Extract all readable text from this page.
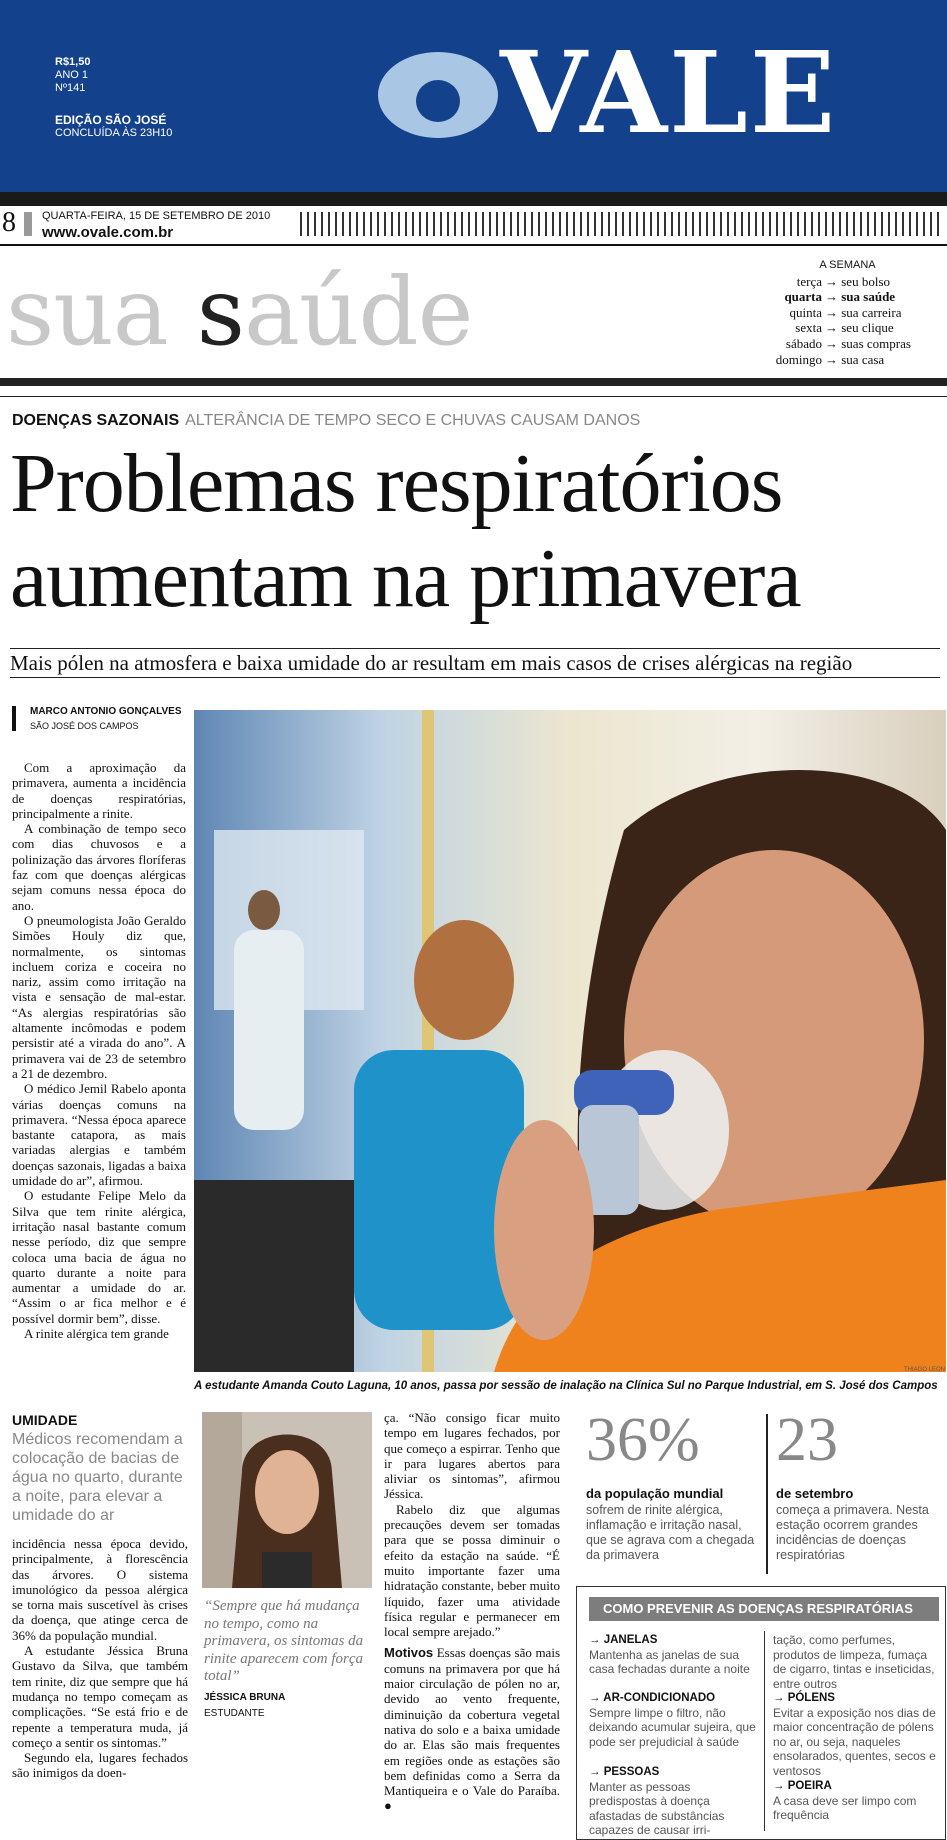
R$1,50
ANO 1
Nº141
EDIÇÃO SÃO JOSÉ
CONCLUÍDA ÀS 23H10	VALE
8 QUARTA-FEIRA, 15 DE SETEMBRO DE 2010
www.ovale.com.br
sua saúde	A SEMANA
terça	→ seu bolso
quarta	→ sua saúde
quinta	→ sua carreira
sexta	→ seu clique
sábado	→ suas compras
domingo	→ sua casa
DOENÇAS SAZONAIS ALTERÂNCIA DE TEMPO SECO E CHUVAS CAUSAM DANOS
Problemas respiratórios aumentam na primavera
Mais pólen na atmosfera e baixa umidade do ar resultam em mais casos de crises alérgicas na região
MARCO ANTONIO GONÇALVES
SÃO JOSÉ DOS CAMPOS

Com a aproximação da primavera, aumenta a incidência de doenças respiratórias, principalmente a rinite.

A combinação de tempo seco com dias chuvosos e a polinização das árvores floríferas faz com que doenças alérgicas sejam comuns nessa época do ano.

O pneumologista João Geraldo Simões Houly diz que, normalmente, os sintomas incluem coriza e coceira no nariz, assim como irritação na vista e sensação de mal-estar. “As alergias respiratórias são altamente incômodas e podem persistir até a virada do ano”. A primavera vai de 23 de setembro a 21 de dezembro.

O médico Jemil Rabelo aponta várias doenças comuns na primavera. “Nessa época aparece bastante catapora, as mais variadas alergias e também doenças sazonais, ligadas a baixa umidade do ar”, afirmou.

O estudante Felipe Melo da Silva que tem rinite alérgica, irritação nasal bastante comum nesse período, diz que sempre coloca uma bacia de água no quarto durante a noite para aumentar a umidade do ar. “Assim o ar fica melhor e é possível dormir bem”, disse.

A rinite alérgica tem grande

THIAGO LEON
A estudante Amanda Couto Laguna, 10 anos, passa por sessão de inalação na Clínica Sul no Parque Industrial, em S. José dos Campos
UMIDADE
Médicos recomendam a colocação de bacias de água no quarto, durante a noite, para elevar a umidade do ar

incidência nessa época devido, principalmente, à florescência das árvores. O sistema imunológico da pessoa alérgica se torna mais suscetível às crises da doença, que atinge cerca de 36% da população mundial.

A estudante Jéssica Bruna Gustavo da Silva, que também tem rinite, diz que sempre que há mudança no tempo começam as complicações. “Se está frio e de repente a temperatura muda, já começo a sentir os sintomas.”

Segundo ela, lugares fechados são inimigos da doen-

“Sempre que há mudança no tempo, como na primavera, os sintomas da rinite aparecem com força total”
JÉSSICA BRUNA
ESTUDANTE

ça. “Não consigo ficar muito tempo em lugares fechados, por que começo a espirrar. Tenho que ir para lugares abertos para aliviar os sintomas”, afirmou Jéssica.

Rabelo diz que algumas precauções devem ser tomadas para que se possa diminuir o efeito da estação na saúde. “É muito importante fazer uma hidratação constante, beber muito líquido, fazer uma atividade física regular e permanecer em local sempre arejado.”

Motivos Essas doenças são mais comuns na primavera por que há maior circulação de pólen no ar, devido ao vento frequente, diminuição da cobertura vegetal nativa do solo e a baixa umidade do ar. Elas são mais frequentes em regiões onde as estações são bem definidas como a Serra da Mantiqueira e o Vale do Paraíba. ●

36%
da população mundial
sofrem de rinite alérgica, inflamação e irritação nasal, que se agrava com a chegada da primavera
23
de setembro
começa a primavera. Nesta estação ocorrem grandes incidências de doenças respiratórias
COMO PREVENIR AS DOENÇAS RESPIRATÓRIAS
→ JANELAS
Mantenha as janelas de sua casa fechadas durante a noite
→ AR-CONDICIONADO
Sempre limpe o filtro, não deixando acumular sujeira, que pode ser prejudicial à saúde
→ PESSOAS
Manter as pessoas predispostas à doença afastadas de substâncias capazes de causar irri-
tação, como perfumes, produtos de limpeza, fumaça de cigarro, tintas e inseticidas, entre outros
→ PÓLENS
Evitar a exposição nos dias de maior concentração de pólens no ar, ou seja, naqueles ensolarados, quentes, secos e ventosos
→ POEIRA
A casa deve ser limpo com frequência
